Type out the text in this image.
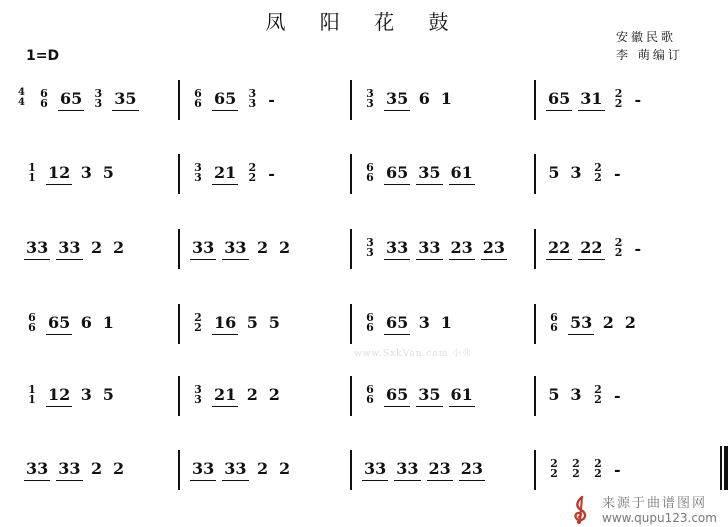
凤 阳 花 鼓
安徽民歌
李 萌编订
1=D
4
4
6
6 65 3
3 35	6
6 65 3
3 -	3
3 35 6 1	65 31 2
2 -
1
1 12 3 5	3
3 21 2
2 -	6
6 65 35 61	5 3 2
2 -
33 33 2 2	33 33 2 2	3
3 33 33 23 23	22 22 2
2 -
6
6 65 6 1	2
2 16 5 5	6
6 65 3 1	6
6 53 2 2
1
1 12 3 5	3
3 21 2 2	6
6 65 35 61	5 3 2
2 -
33 33 2 2	33 33 2 2	33 33 23 23	2
2
2
2
2
2 -
www.SxkVan.com 小弗
来源于曲谱图网
www.qupu123.com
